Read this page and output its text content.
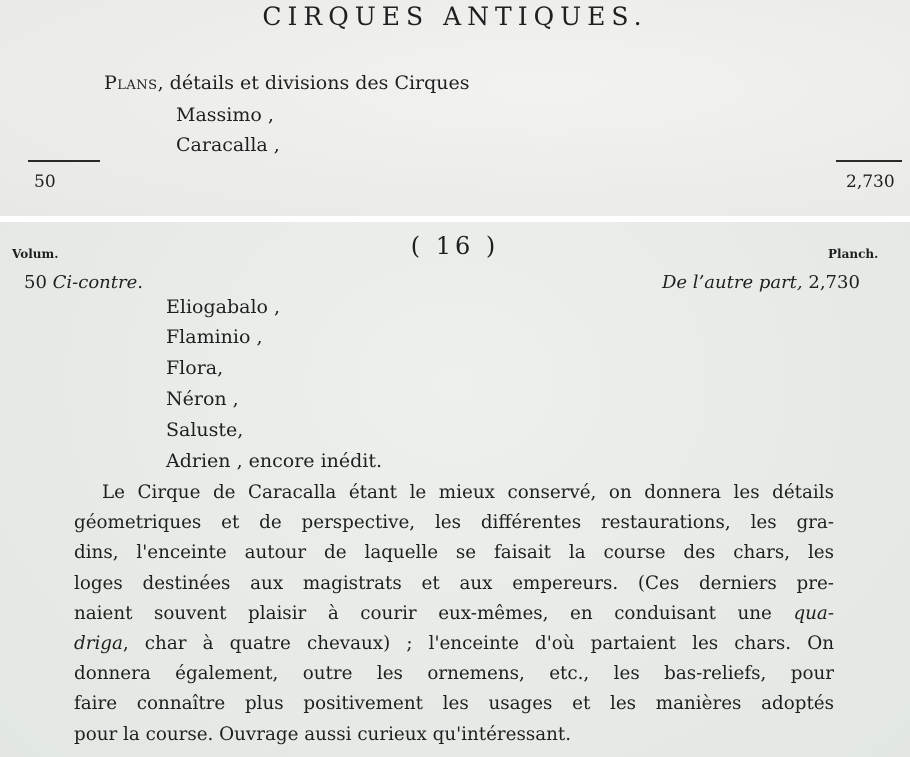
CIRQUES ANTIQUES.
Plans, détails et divisions des Cirques
Massimo ,
Caracalla ,
50	2,730
Volum.	( 16 )	Planch.
50 Ci-contre.	De l’autre part, 2,730
Eliogabalo ,
Flaminio ,
Flora,
Néron ,
Saluste,
Adrien , encore inédit.
Le Cirque de Caracalla étant le mieux conservé, on donnera les détails
géometriques et de perspective, les différentes restaurations, les gra-
dins, l'enceinte autour de laquelle se faisait la course des chars, les
loges destinées aux magistrats et aux empereurs. (Ces derniers pre-
naient souvent plaisir à courir eux-mêmes, en conduisant une qua-
driga, char à quatre chevaux) ; l'enceinte d'où partaient les chars. On
donnera également, outre les ornemens, etc., les bas-reliefs, pour
faire connaître plus positivement les usages et les manières adoptés
pour la course. Ouvrage aussi curieux qu'intéressant.
